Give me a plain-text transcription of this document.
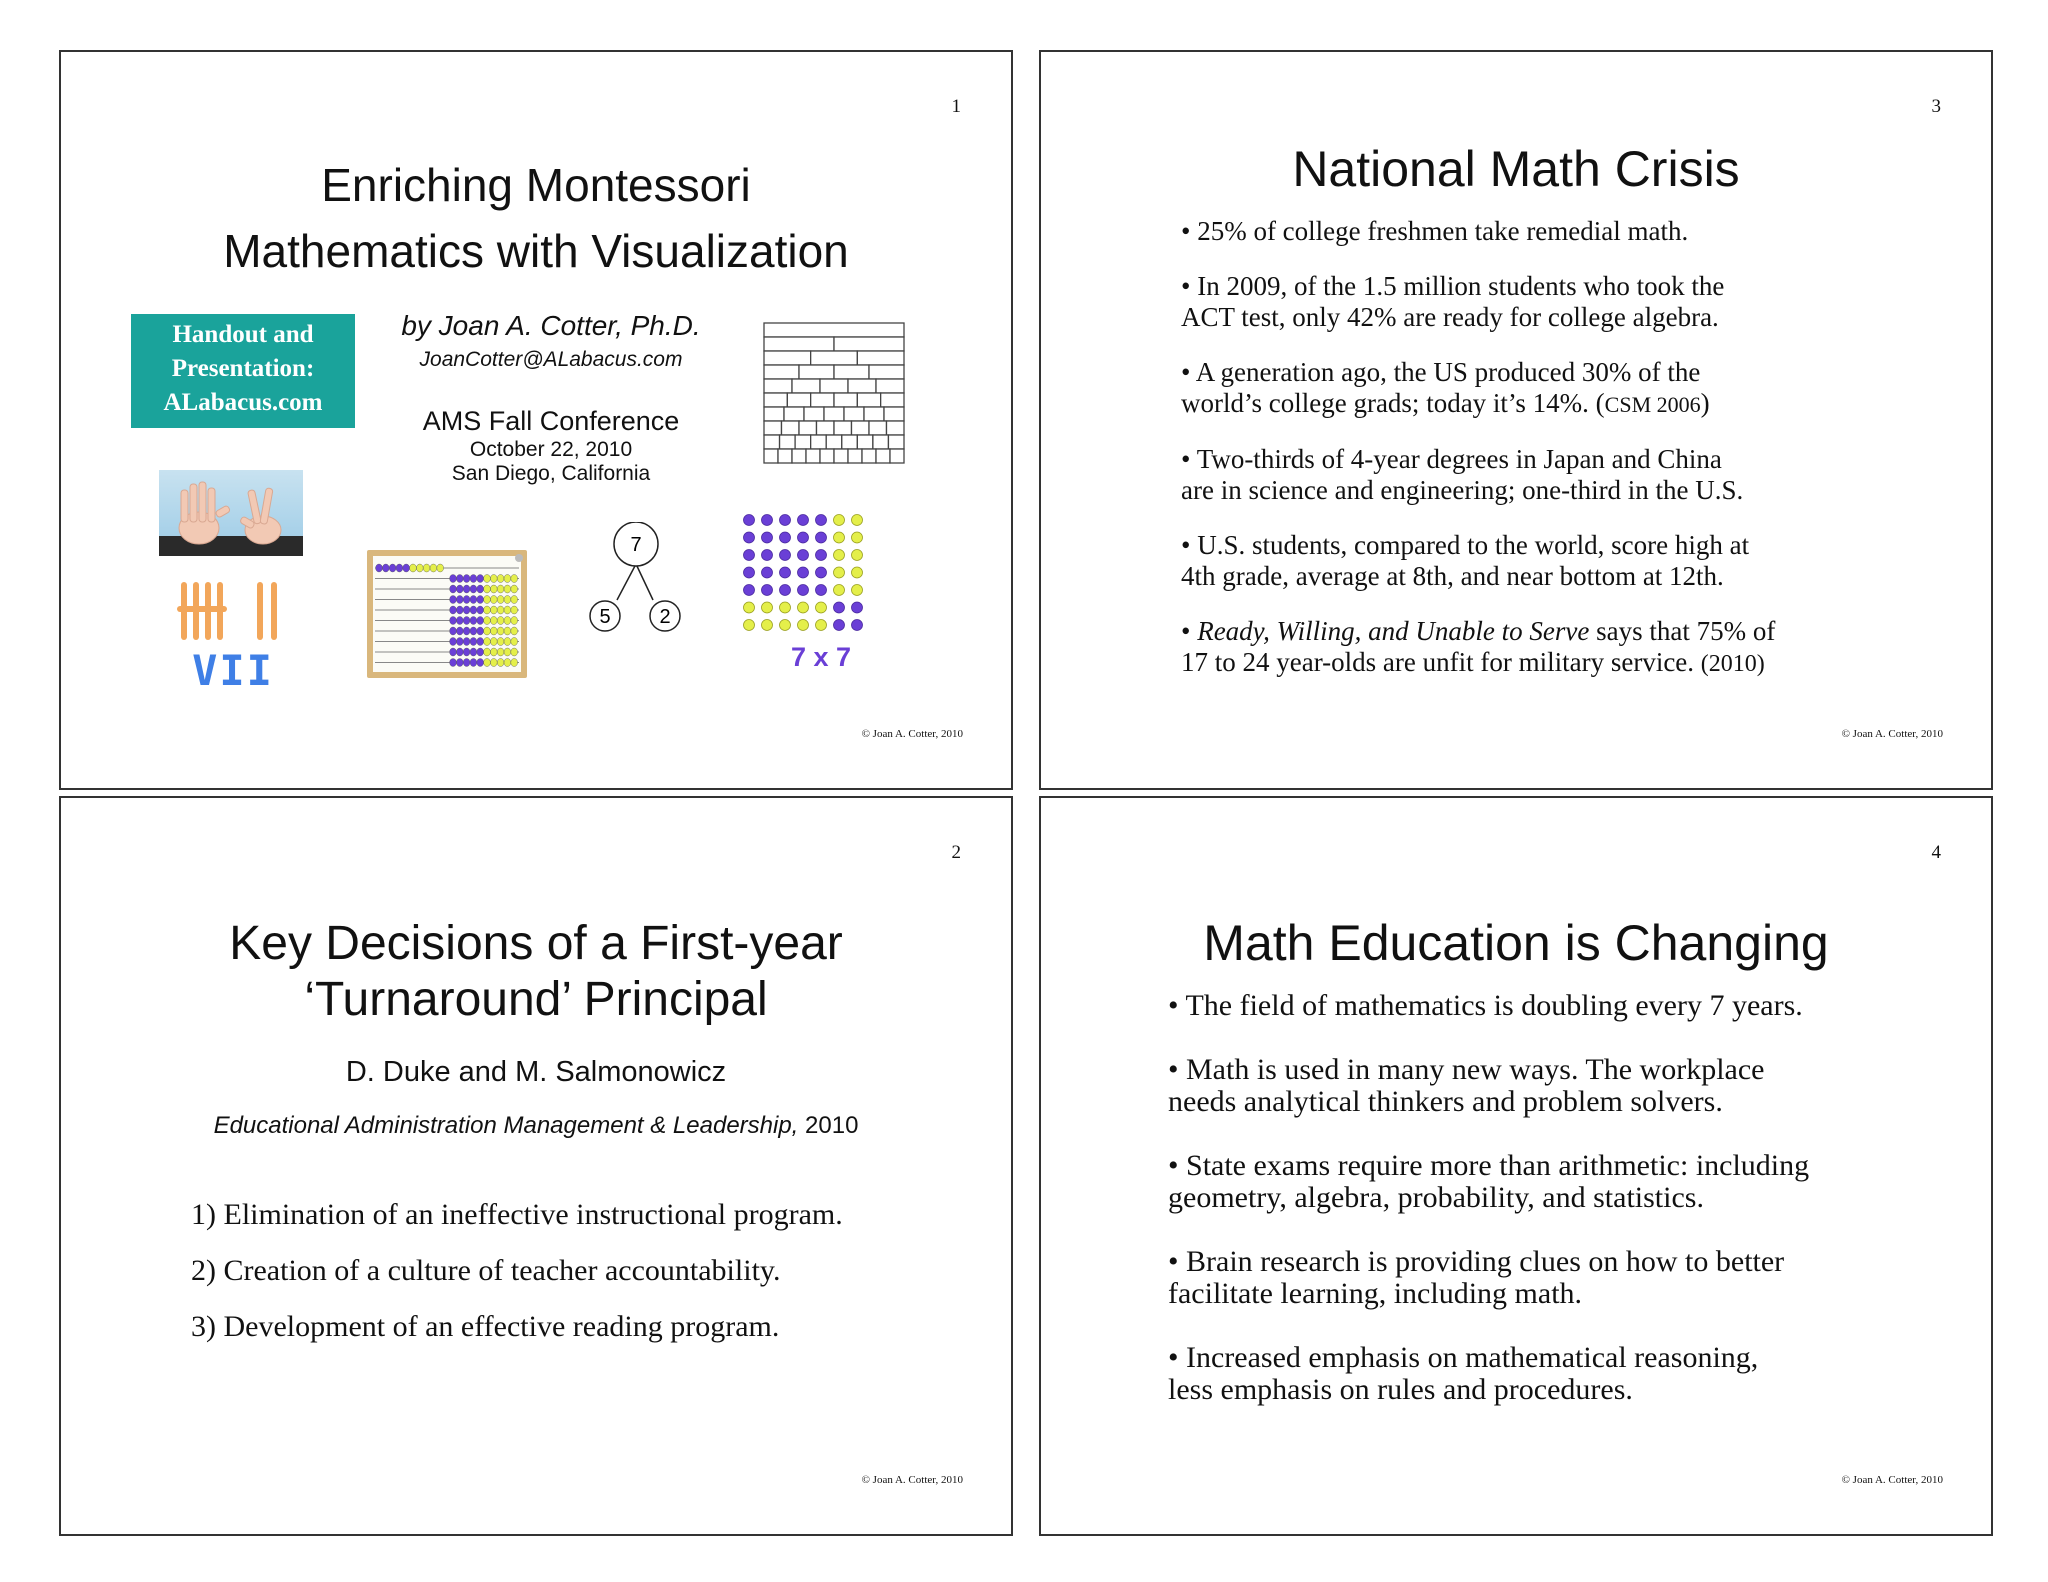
1
Enriching Montessori
Mathematics with Visualization
Handout and
Presentation:
ALabacus.com
by Joan A. Cotter, Ph.D.
JoanCotter@ALabacus.com
AMS Fall Conference
October 22, 2010
San Diego, California
VII
7
5 2
7 x 7
© Joan A. Cotter, 2010
3
National Math Crisis
• 25% of college freshmen take remedial math.
• In 2009, of the 1.5 million students who took the
ACT test, only 42% are ready for college algebra.
• A generation ago, the US produced 30% of the
world’s college grads; today it’s 14%. (CSM 2006)
• Two-thirds of 4-year degrees in Japan and China
are in science and engineering; one-third in the U.S.
• U.S. students, compared to the world, score high at
4th grade, average at 8th, and near bottom at 12th.
• Ready, Willing, and Unable to Serve says that 75% of
17 to 24 year-olds are unfit for military service. (2010)
© Joan A. Cotter, 2010
2
Key Decisions of a First-year
‘Turnaround’ Principal
D. Duke and M. Salmonowicz
Educational Administration Management & Leadership, 2010
1) Elimination of an ineffective instructional program.
2) Creation of a culture of teacher accountability.
3) Development of an effective reading program.
© Joan A. Cotter, 2010
4
Math Education is Changing
• The field of mathematics is doubling every 7 years.
• Math is used in many new ways. The workplace
needs analytical thinkers and problem solvers.
• State exams require more than arithmetic: including
geometry, algebra, probability, and statistics.
• Brain research is providing clues on how to better
facilitate learning, including math.
• Increased emphasis on mathematical reasoning,
less emphasis on rules and procedures.
© Joan A. Cotter, 2010
